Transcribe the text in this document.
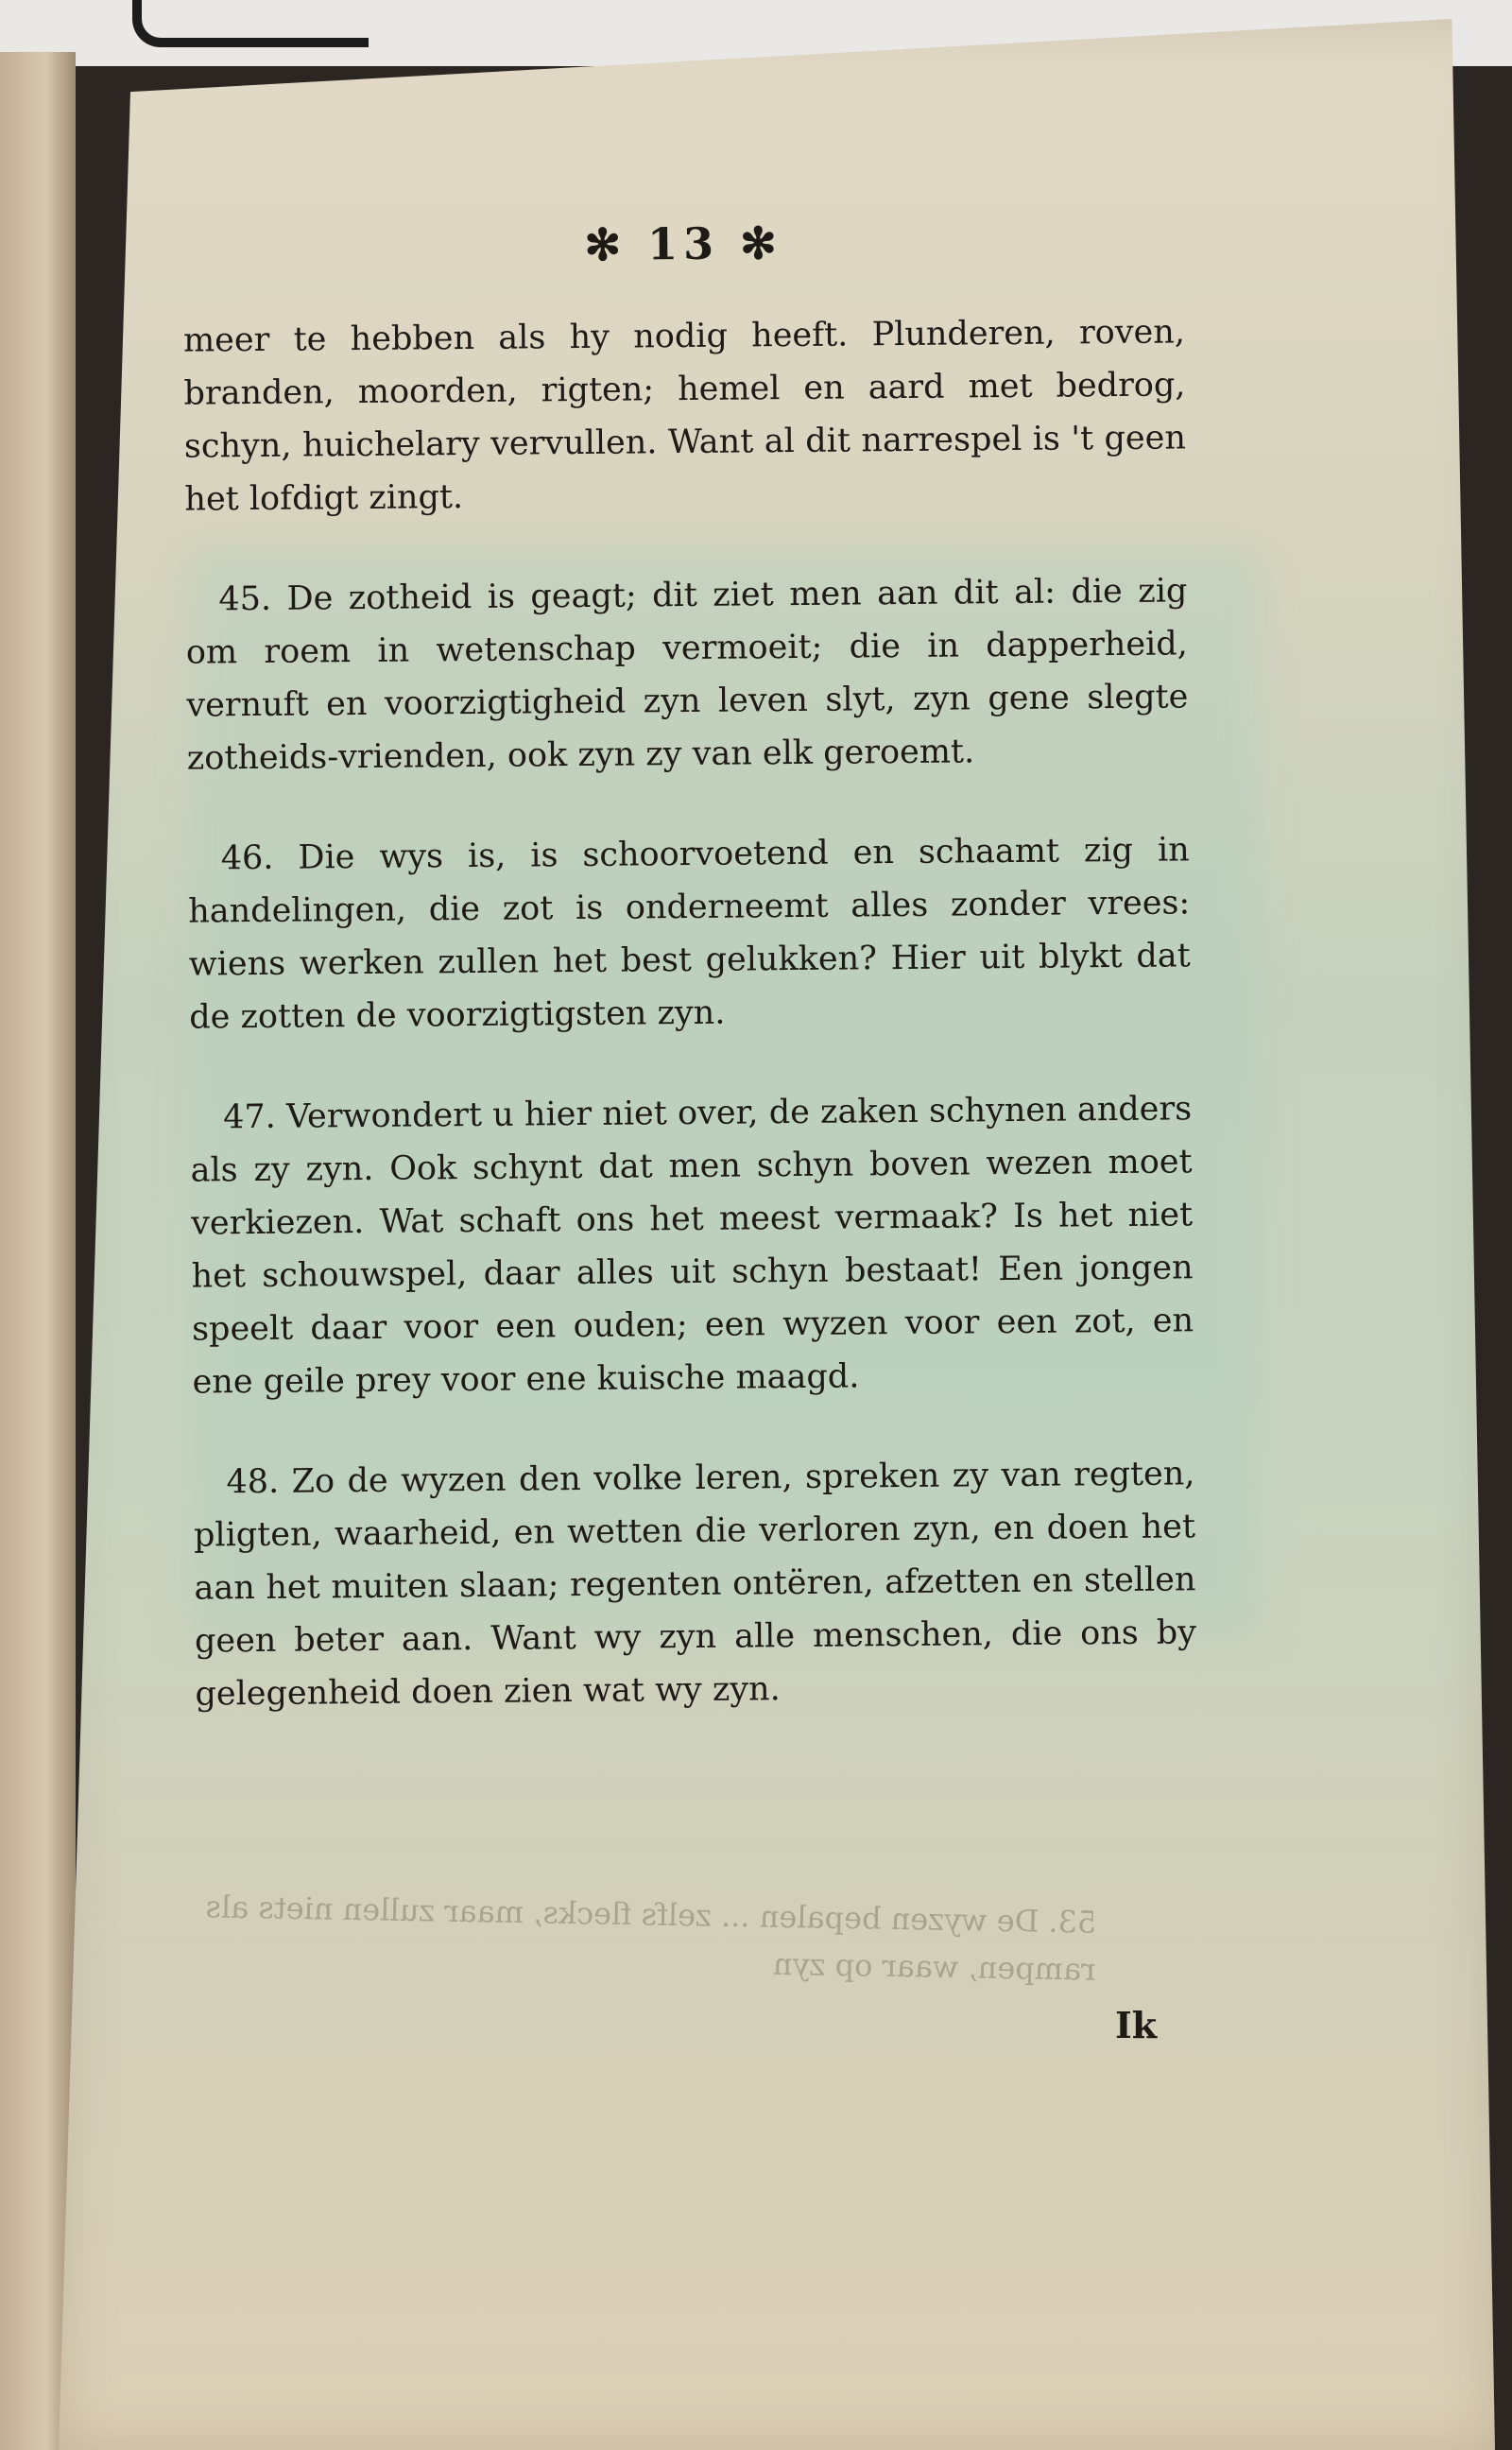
53. De wyzen bepalen ... zelfs flecks, maar zullen niets als rampen, waar op zyn
✻ 13 ✻

meer te hebben als hy nodig heeft. Plunderen, roven, branden, moorden, rigten; hemel en aard met bedrog, schyn, huichelary vervullen. Want al dit narrespel is 't geen het lofdigt zingt.

 45. De zotheid is geagt; dit ziet men aan dit al: die zig om roem in wetenschap vermoeit; die in dapperheid, vernuft en voorzigtigheid zyn leven slyt, zyn gene slegte zotheids-vrienden, ook zyn zy van elk geroemt.

 46. Die wys is, is schoorvoetend en schaamt zig in handelingen, die zot is onderneemt alles zonder vrees: wiens werken zullen het best gelukken? Hier uit blykt dat de zotten de voorzigtigsten zyn.

 47. Verwondert u hier niet over, de zaken schynen anders als zy zyn. Ook schynt dat men schyn boven wezen moet verkiezen. Wat schaft ons het meest vermaak? Is het niet het schouwspel, daar alles uit schyn bestaat! Een jongen speelt daar voor een ouden; een wyzen voor een zot, en ene geile prey voor ene kuische maagd.

 48. Zo de wyzen den volke leren, spreken zy van regten, pligten, waarheid, en wetten die verloren zyn, en doen het aan het muiten slaan; regenten ontëren, afzetten en stellen geen beter aan. Want wy zyn alle menschen, die ons by gelegenheid doen zien wat wy zyn.

Ik
